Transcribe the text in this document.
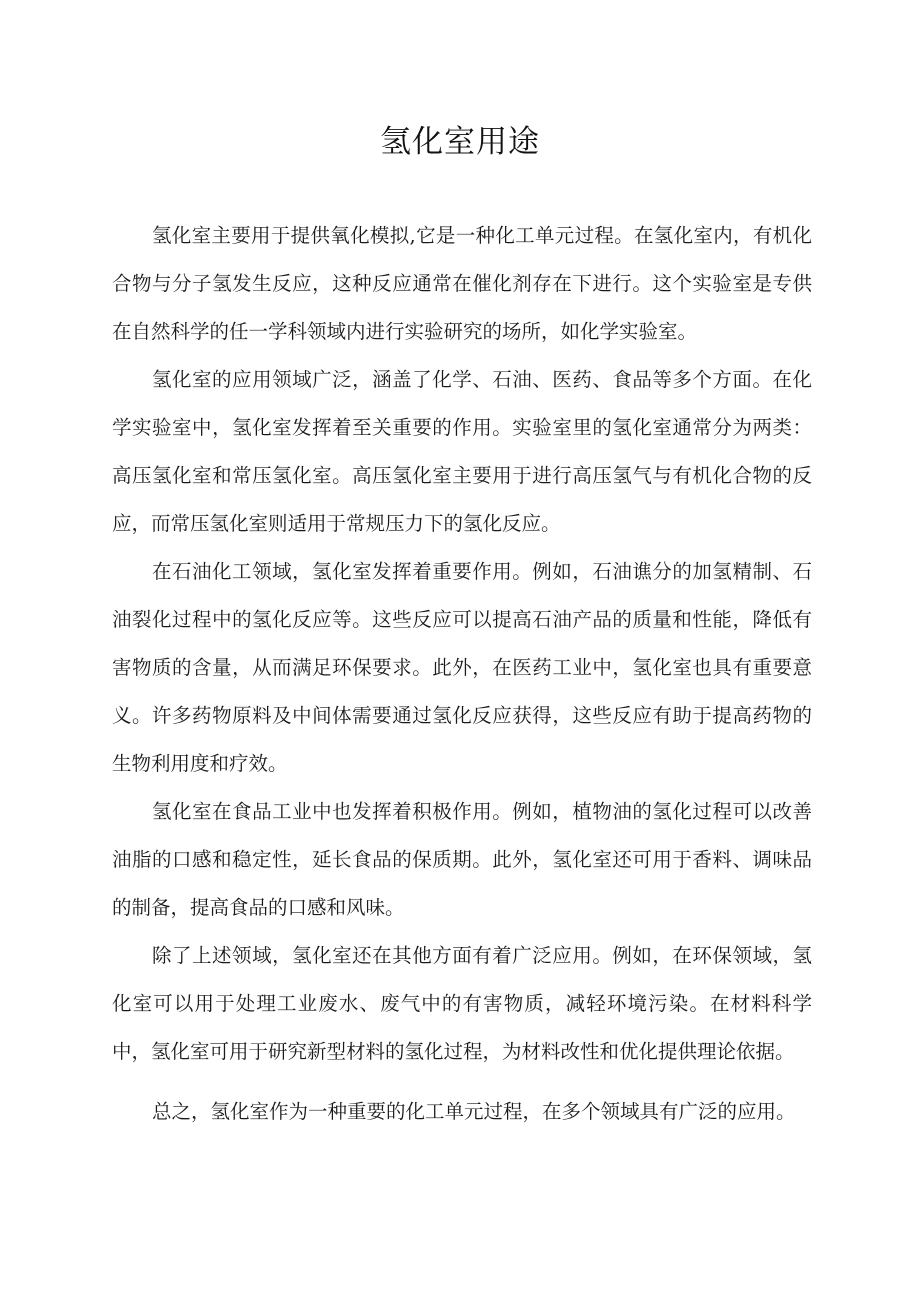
氢化室用途

氢化室主要用于提供氧化模拟,它是一种化工单元过程。在氢化室内，有机化合物与分子氢发生反应，这种反应通常在催化剂存在下进行。这个实验室是专供在自然科学的任一学科领域内进行实验研究的场所，如化学实验室。

氢化室的应用领域广泛，涵盖了化学、石油、医药、食品等多个方面。在化学实验室中，氢化室发挥着至关重要的作用。实验室里的氢化室通常分为两类：高压氢化室和常压氢化室。高压氢化室主要用于进行高压氢气与有机化合物的反应，而常压氢化室则适用于常规压力下的氢化反应。

在石油化工领域，氢化室发挥着重要作用。例如，石油谯分的加氢精制、石油裂化过程中的氢化反应等。这些反应可以提高石油产品的质量和性能，降低有害物质的含量，从而满足环保要求。此外，在医药工业中，氢化室也具有重要意义。许多药物原料及中间体需要通过氢化反应获得，这些反应有助于提高药物的生物利用度和疗效。

氢化室在食品工业中也发挥着积极作用。例如，植物油的氢化过程可以改善油脂的口感和稳定性，延长食品的保质期。此外，氢化室还可用于香料、调味品的制备，提高食品的口感和风味。

除了上述领域，氢化室还在其他方面有着广泛应用。例如，在环保领域，氢化室可以用于处理工业废水、废气中的有害物质，减轻环境污染。在材料科学中，氢化室可用于研究新型材料的氢化过程，为材料改性和优化提供理论依据。

总之，氢化室作为一种重要的化工单元过程，在多个领域具有广泛的应用。
